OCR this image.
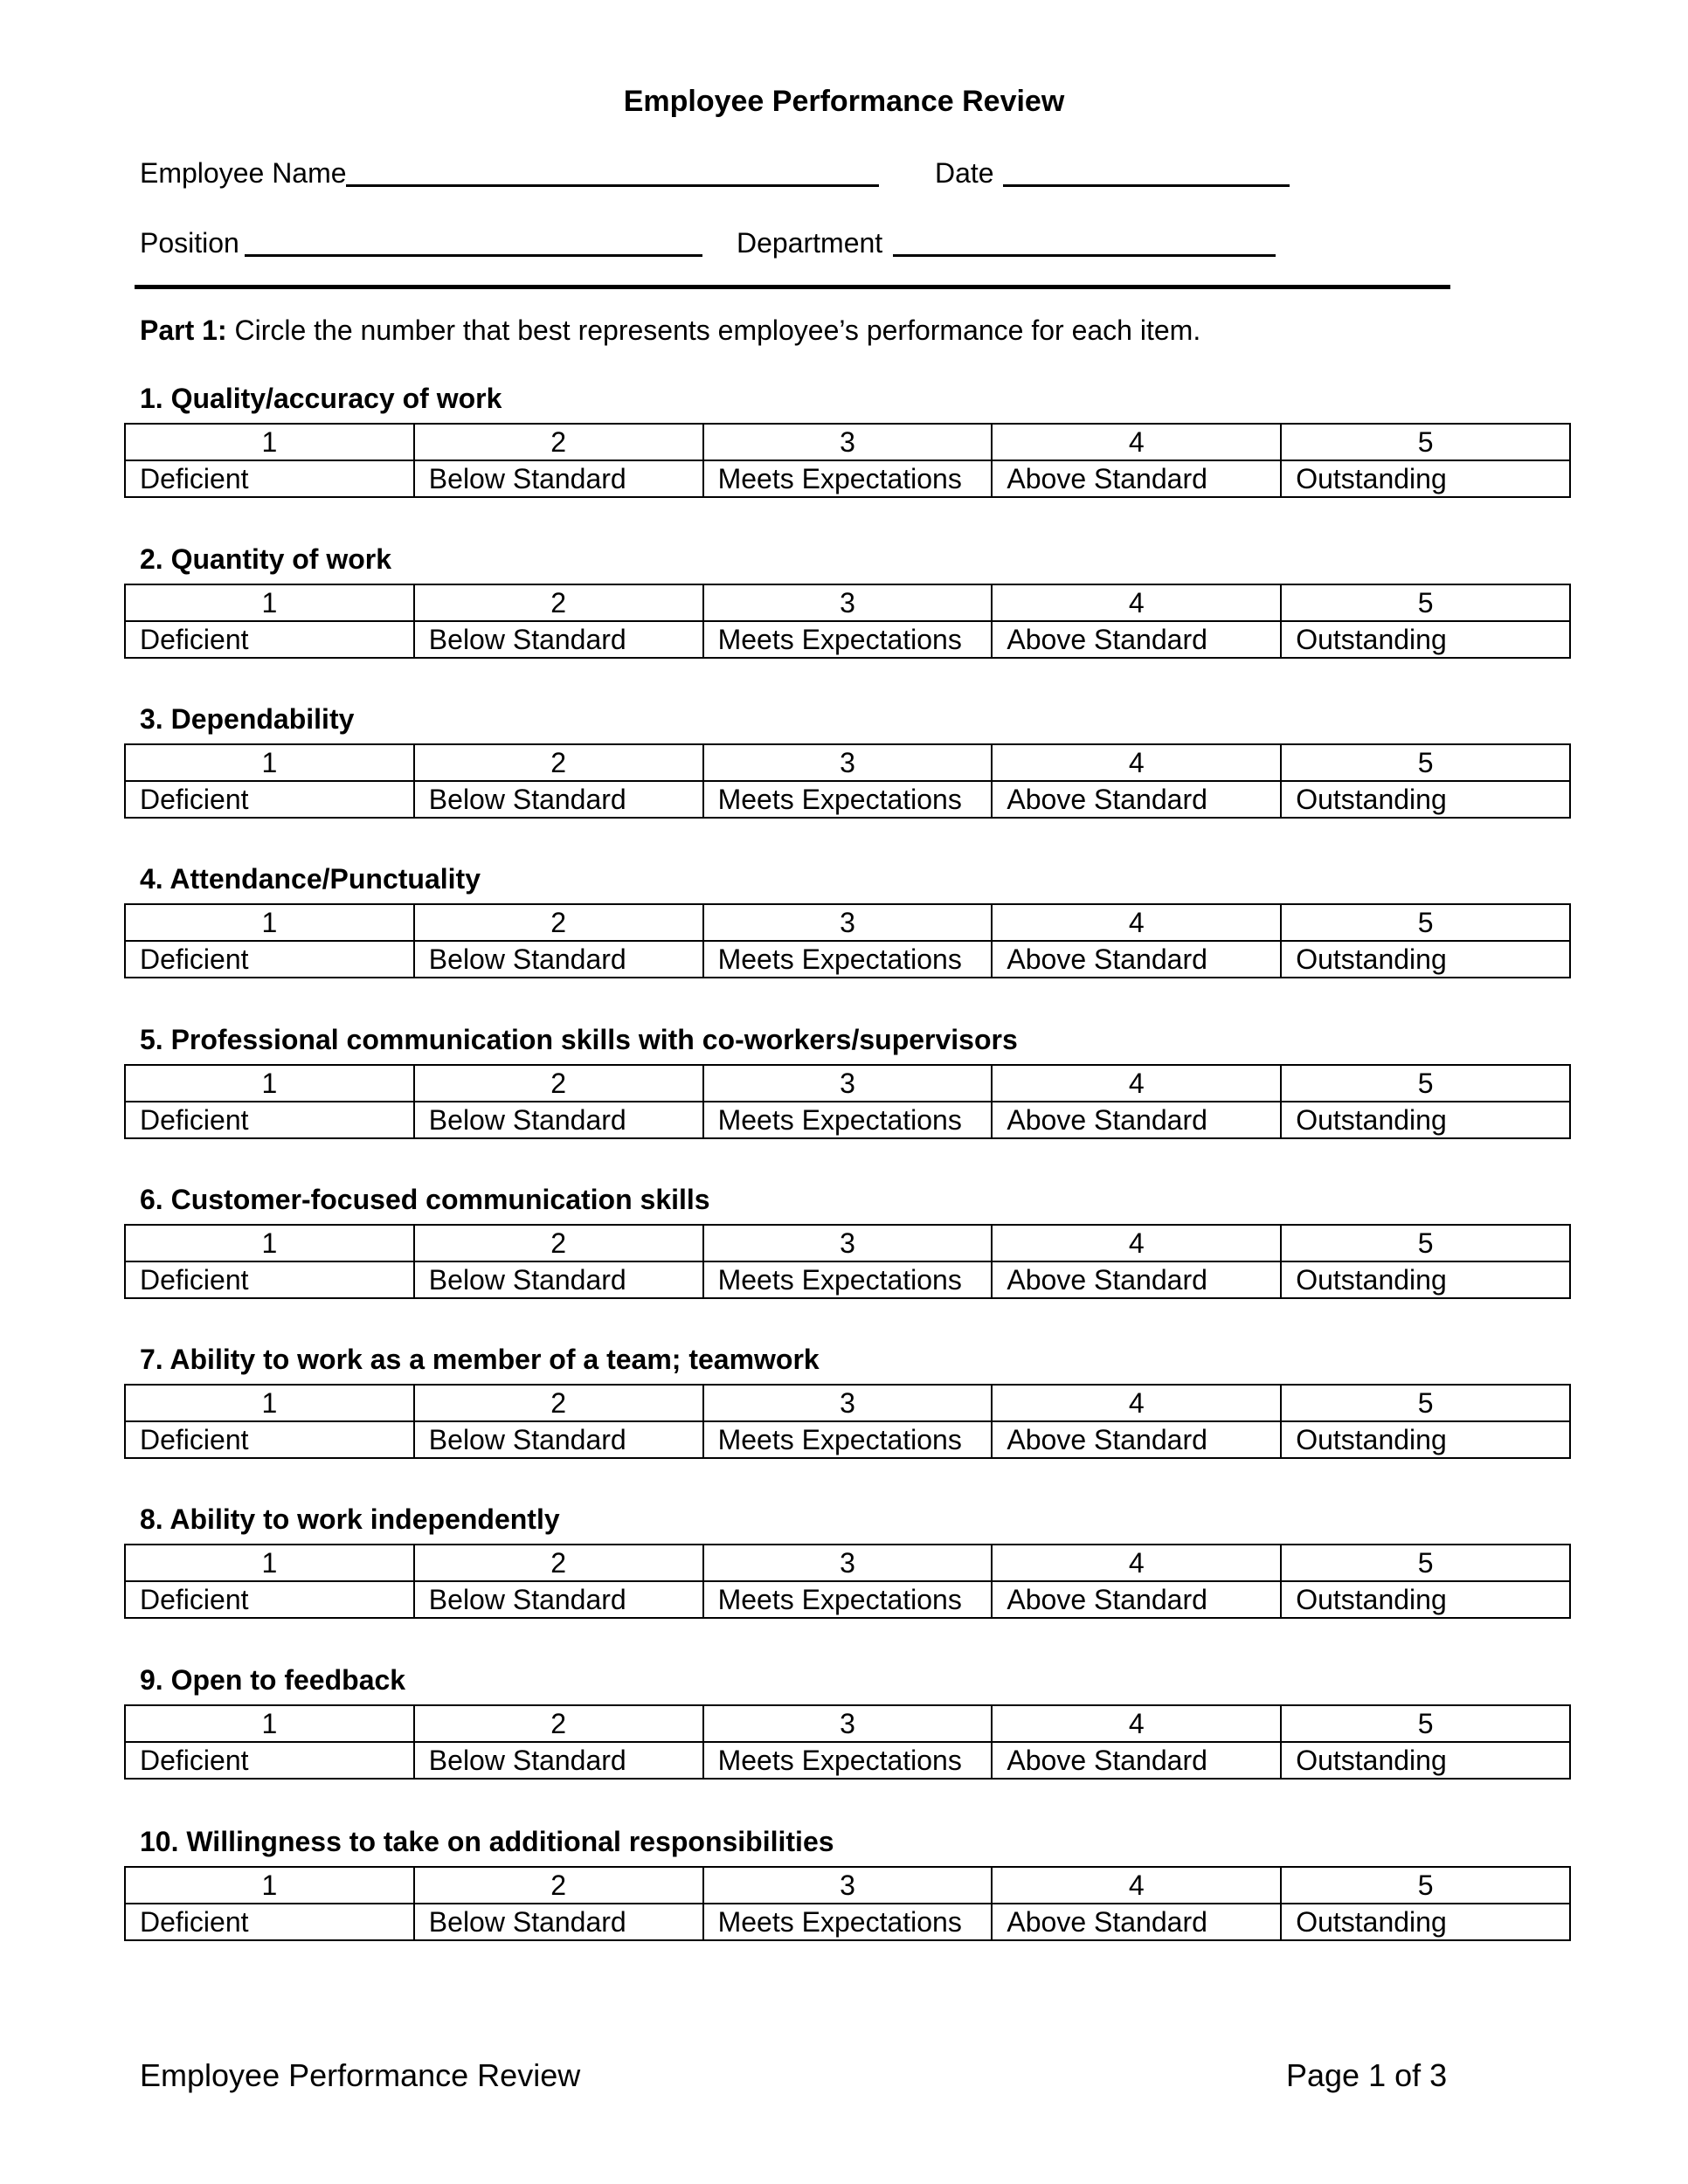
Employee Performance Review
Employee Name	Date
Position	Department
Part 1: Circle the number that best represents employee’s performance for each item.
1. Quality/accuracy of work
1	2	3	4	5
Deficient	Below Standard	Meets Expectations	Above Standard	Outstanding
2. Quantity of work
1	2	3	4	5
Deficient	Below Standard	Meets Expectations	Above Standard	Outstanding
3. Dependability
1	2	3	4	5
Deficient	Below Standard	Meets Expectations	Above Standard	Outstanding
4. Attendance/Punctuality
1	2	3	4	5
Deficient	Below Standard	Meets Expectations	Above Standard	Outstanding
5. Professional communication skills with co-workers/supervisors
1	2	3	4	5
Deficient	Below Standard	Meets Expectations	Above Standard	Outstanding
6. Customer-focused communication skills
1	2	3	4	5
Deficient	Below Standard	Meets Expectations	Above Standard	Outstanding
7. Ability to work as a member of a team; teamwork
1	2	3	4	5
Deficient	Below Standard	Meets Expectations	Above Standard	Outstanding
8. Ability to work independently
1	2	3	4	5
Deficient	Below Standard	Meets Expectations	Above Standard	Outstanding
9. Open to feedback
1	2	3	4	5
Deficient	Below Standard	Meets Expectations	Above Standard	Outstanding
10. Willingness to take on additional responsibilities
1	2	3	4	5
Deficient	Below Standard	Meets Expectations	Above Standard	Outstanding
Employee Performance Review	Page 1 of 3
